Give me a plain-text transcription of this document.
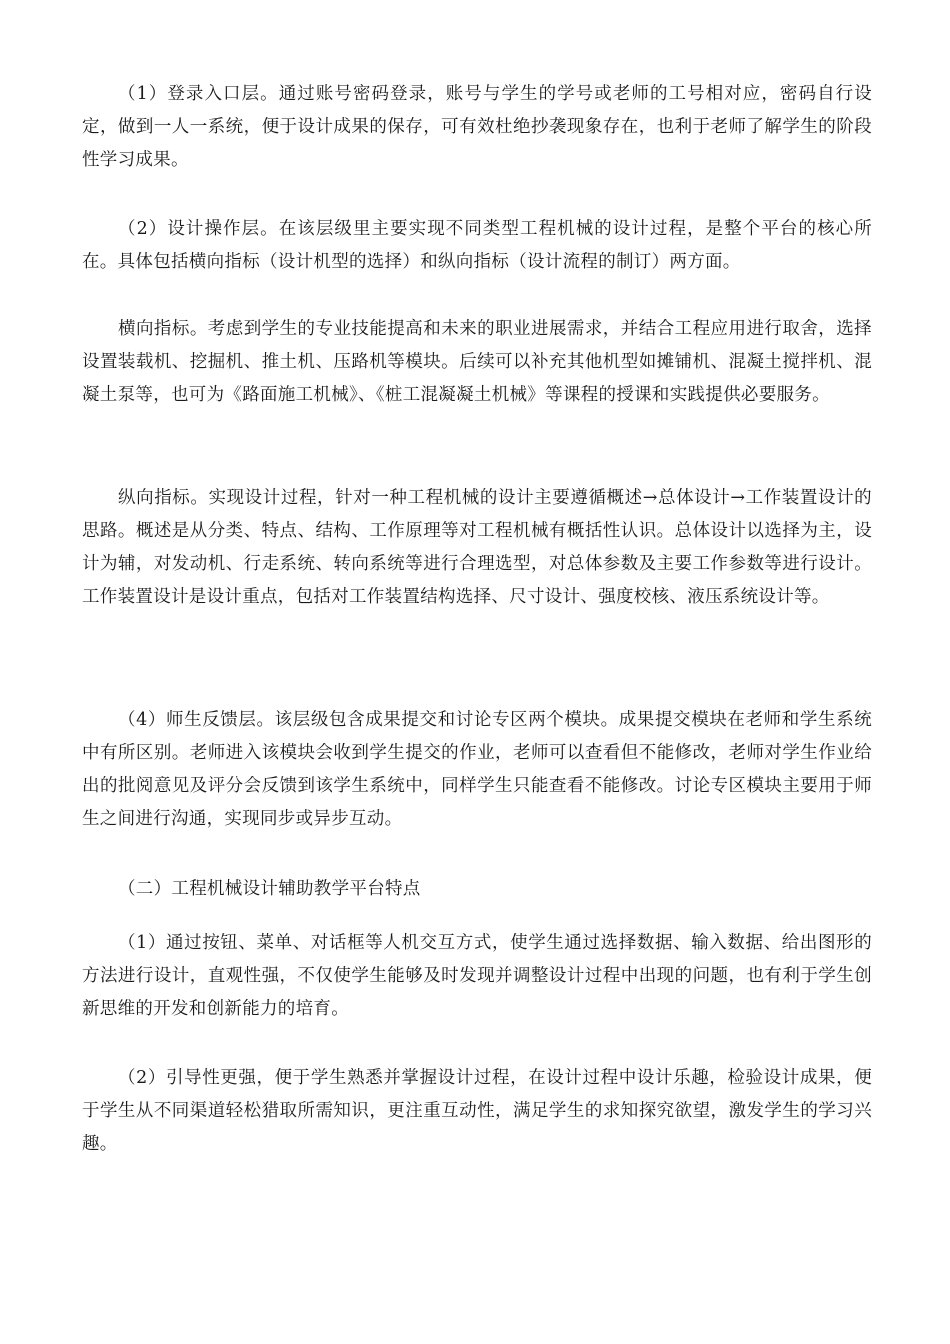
（1）登录入口层。通过账号密码登录，账号与学生的学号或老师的工号相对应，密码自行设定，做到一人一系统，便于设计成果的保存，可有效杜绝抄袭现象存在，也利于老师了解学生的阶段性学习成果。

（2）设计操作层。在该层级里主要实现不同类型工程机械的设计过程，是整个平台的核心所在。具体包括横向指标（设计机型的选择）和纵向指标（设计流程的制订）两方面。

横向指标。考虑到学生的专业技能提高和未来的职业进展需求，并结合工程应用进行取舍，选择设置装载机、挖掘机、推土机、压路机等模块。后续可以补充其他机型如摊铺机、混凝土搅拌机、混凝土泵等，也可为《路面施工机械》、《桩工混凝凝土机械》等课程的授课和实践提供必要服务。

纵向指标。实现设计过程，针对一种工程机械的设计主要遵循概述→总体设计→工作装置设计的思路。概述是从分类、特点、结构、工作原理等对工程机械有概括性认识。总体设计以选择为主，设计为辅，对发动机、行走系统、转向系统等进行合理选型，对总体参数及主要工作参数等进行设计。工作装置设计是设计重点，包括对工作装置结构选择、尺寸设计、强度校核、液压系统设计等。

（4）师生反馈层。该层级包含成果提交和讨论专区两个模块。成果提交模块在老师和学生系统中有所区别。老师进入该模块会收到学生提交的作业，老师可以查看但不能修改，老师对学生作业给出的批阅意见及评分会反馈到该学生系统中，同样学生只能查看不能修改。讨论专区模块主要用于师生之间进行沟通，实现同步或异步互动。

（二）工程机械设计辅助教学平台特点

（1）通过按钮、菜单、对话框等人机交互方式，使学生通过选择数据、输入数据、给出图形的方法进行设计，直观性强，不仅使学生能够及时发现并调整设计过程中出现的问题，也有利于学生创新思维的开发和创新能力的培育。

（2）引导性更强，便于学生熟悉并掌握设计过程，在设计过程中设计乐趣，检验设计成果，便于学生从不同渠道轻松猎取所需知识，更注重互动性，满足学生的求知探究欲望，激发学生的学习兴趣。
